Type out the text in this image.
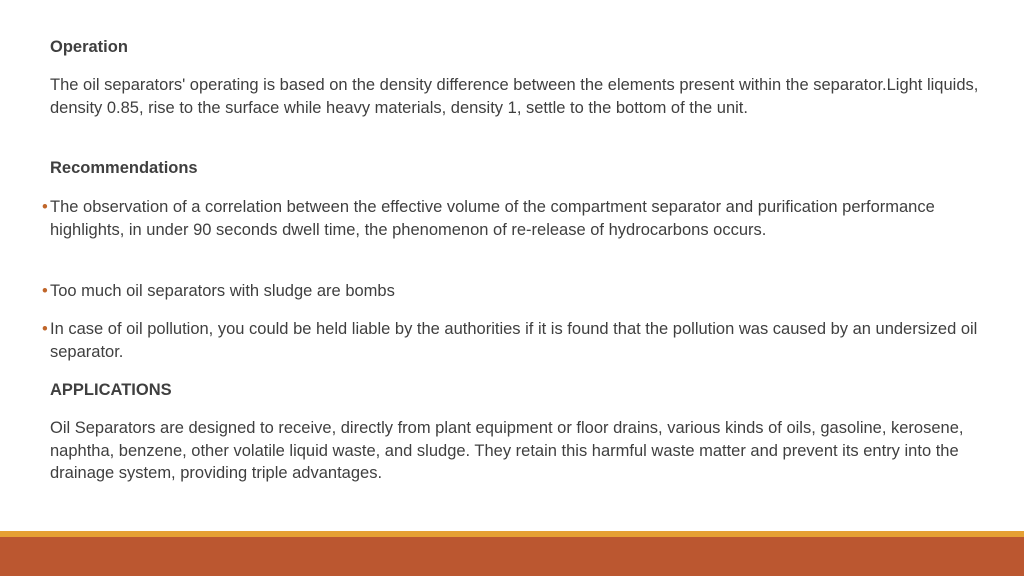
Operation

The oil separators' operating is based on the density difference between the elements present within the separator.Light liquids, density 0.85, rise to the surface while heavy materials, density 1, settle to the bottom of the unit.

Recommendations
• The observation of a correlation between the effective volume of the compartment separator and purification performance highlights, in under 90 seconds dwell time, the phenomenon of re-release of hydrocarbons occurs.
• Too much oil separators with sludge are bombs
• In case of oil pollution, you could be held liable by the authorities if it is found that the pollution was caused by an undersized oil separator.
APPLICATIONS

Oil Separators are designed to receive, directly from plant equipment or floor drains, various kinds of oils, gasoline, kerosene, naphtha, benzene, other volatile liquid waste, and sludge. They retain this harmful waste matter and prevent its entry into the drainage system, providing triple advantages.
